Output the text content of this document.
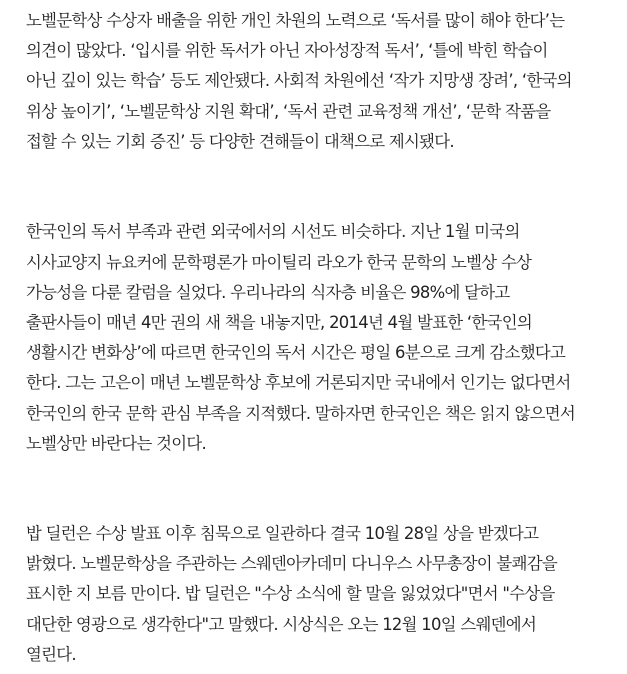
노벨문학상 수상자 배출을 위한 개인 차원의 노력으로 ‘독서를 많이 해야 한다’는
의견이 많았다. ‘입시를 위한 독서가 아닌 자아성장적 독서’, ‘틀에 박힌 학습이
아닌 깊이 있는 학습’ 등도 제안됐다. 사회적 차원에선 ‘작가 지망생 장려’, ‘한국의
위상 높이기’, ‘노벨문학상 지원 확대’, ‘독서 관련 교육정책 개선’, ‘문학 작품을
접할 수 있는 기회 증진’ 등 다양한 견해들이 대책으로 제시됐다.

한국인의 독서 부족과 관련 외국에서의 시선도 비슷하다. 지난 1월 미국의
시사교양지 뉴요커에 문학평론가 마이틸리 라오가 한국 문학의 노벨상 수상
가능성을 다룬 칼럼을 실었다. 우리나라의 식자층 비율은 98%에 달하고
출판사들이 매년 4만 권의 새 책을 내놓지만, 2014년 4월 발표한 ‘한국인의
생활시간 변화상’에 따르면 한국인의 독서 시간은 평일 6분으로 크게 감소했다고
한다. 그는 고은이 매년 노벨문학상 후보에 거론되지만 국내에서 인기는 없다면서
한국인의 한국 문학 관심 부족을 지적했다. 말하자면 한국인은 책은 읽지 않으면서
노벨상만 바란다는 것이다.

밥 딜런은 수상 발표 이후 침묵으로 일관하다 결국 10월 28일 상을 받겠다고
밝혔다. 노벨문학상을 주관하는 스웨덴아카데미 다니우스 사무총장이 불쾌감을
표시한 지 보름 만이다. 밥 딜런은 "수상 소식에 할 말을 잃었었다"면서 "수상을
대단한 영광으로 생각한다"고 말했다. 시상식은 오는 12월 10일 스웨덴에서
열린다.
